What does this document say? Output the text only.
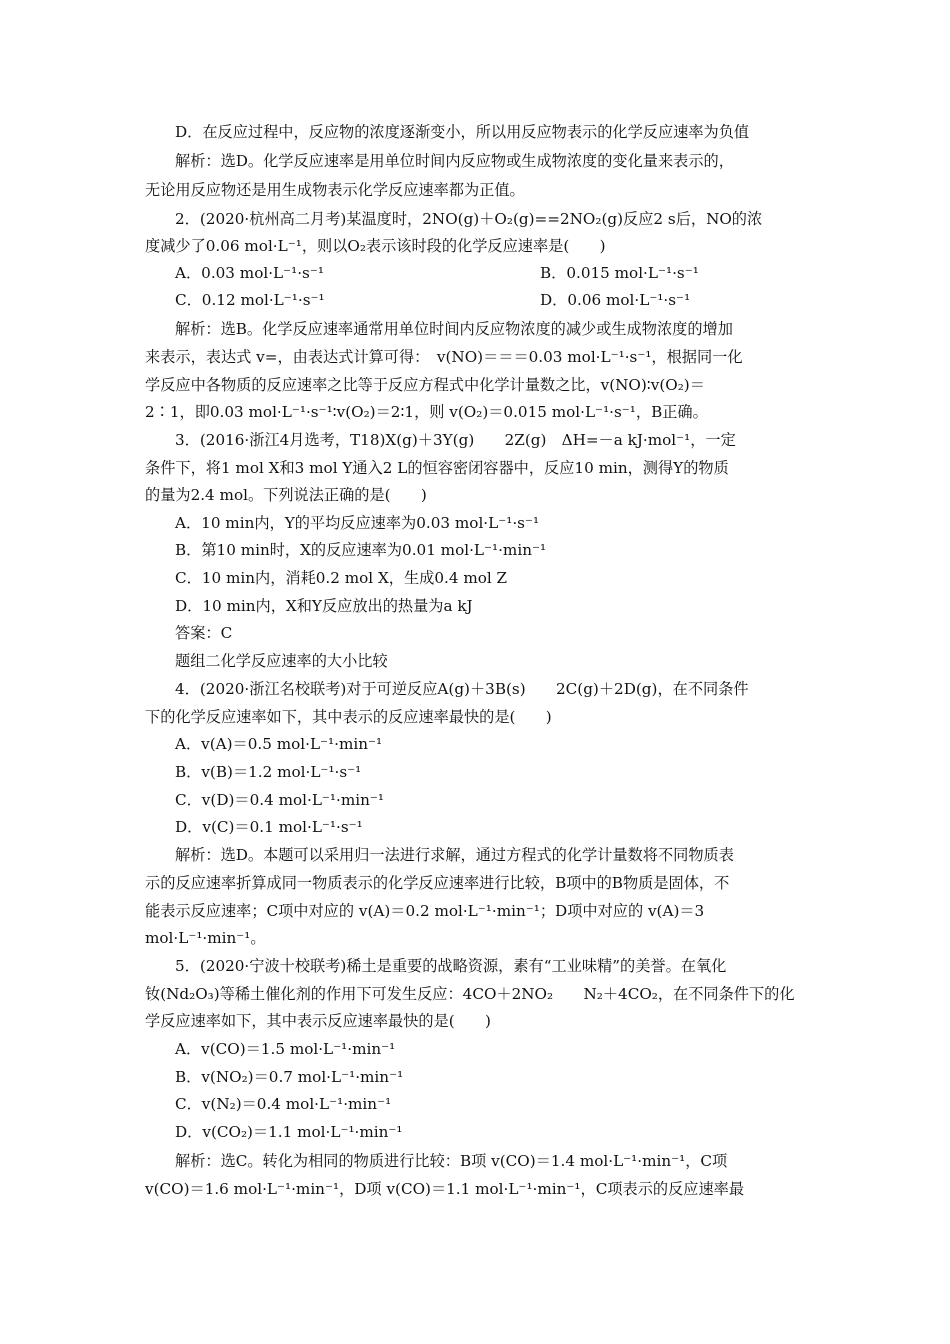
D．在反应过程中，反应物的浓度逐渐变小，所以用反应物表示的化学反应速率为负值
解析：选D。化学反应速率是用单位时间内反应物或生成物浓度的变化量来表示的，
无论用反应物还是用生成物表示化学反应速率都为正值。
2．(2020·杭州高二月考)某温度时，2NO(g)＋O₂(g)==2NO₂(g)反应2 s后，NO的浓
度减少了0.06 mol·L⁻¹，则以O₂表示该时段的化学反应速率是(　　)
A．0.03 mol·L⁻¹·s⁻¹	B．0.015 mol·L⁻¹·s⁻¹
C．0.12 mol·L⁻¹·s⁻¹	D．0.06 mol·L⁻¹·s⁻¹
解析：选B。化学反应速率通常用单位时间内反应物浓度的减少或生成物浓度的增加
来表示，表达式 v=，由表达式计算可得：　v(NO)＝＝＝0.03 mol·L⁻¹·s⁻¹，根据同一化
学反应中各物质的反应速率之比等于反应方程式中化学计量数之比，v(NO)∶v(O₂)＝
2∶1，即0.03 mol·L⁻¹·s⁻¹∶v(O₂)＝2∶1，则 v(O₂)＝0.015 mol·L⁻¹·s⁻¹，B正确。
3．(2016·浙江4月选考，T18)X(g)＋3Y(g)　　2Z(g)　ΔH=－a kJ·mol⁻¹，一定
条件下，将1 mol X和3 mol Y通入2 L的恒容密闭容器中，反应10 min，测得Y的物质
的量为2.4 mol。下列说法正确的是(　　)
A．10 min内，Y的平均反应速率为0.03 mol·L⁻¹·s⁻¹
B．第10 min时，X的反应速率为0.01 mol·L⁻¹·min⁻¹
C．10 min内，消耗0.2 mol X，生成0.4 mol Z
D．10 min内，X和Y反应放出的热量为a kJ
答案：C
题组二化学反应速率的大小比较
4．(2020·浙江名校联考)对于可逆反应A(g)＋3B(s)　　2C(g)＋2D(g)，在不同条件
下的化学反应速率如下，其中表示的反应速率最快的是(　　)
A．v(A)＝0.5 mol·L⁻¹·min⁻¹
B．v(B)＝1.2 mol·L⁻¹·s⁻¹
C．v(D)＝0.4 mol·L⁻¹·min⁻¹
D．v(C)＝0.1 mol·L⁻¹·s⁻¹
解析：选D。本题可以采用归一法进行求解，通过方程式的化学计量数将不同物质表
示的反应速率折算成同一物质表示的化学反应速率进行比较，B项中的B物质是固体，不
能表示反应速率；C项中对应的 v(A)＝0.2 mol·L⁻¹·min⁻¹；D项中对应的 v(A)＝3
mol·L⁻¹·min⁻¹。
5．(2020·宁波十校联考)稀土是重要的战略资源，素有“工业味精”的美誉。在氧化
钕(Nd₂O₃)等稀土催化剂的作用下可发生反应：4CO＋2NO₂　　N₂＋4CO₂，在不同条件下的化
学反应速率如下，其中表示反应速率最快的是(　　)
A．v(CO)＝1.5 mol·L⁻¹·min⁻¹
B．v(NO₂)＝0.7 mol·L⁻¹·min⁻¹
C．v(N₂)＝0.4 mol·L⁻¹·min⁻¹
D．v(CO₂)＝1.1 mol·L⁻¹·min⁻¹
解析：选C。转化为相同的物质进行比较：B项 v(CO)＝1.4 mol·L⁻¹·min⁻¹，C项
v(CO)＝1.6 mol·L⁻¹·min⁻¹，D项 v(CO)＝1.1 mol·L⁻¹·min⁻¹，C项表示的反应速率最
